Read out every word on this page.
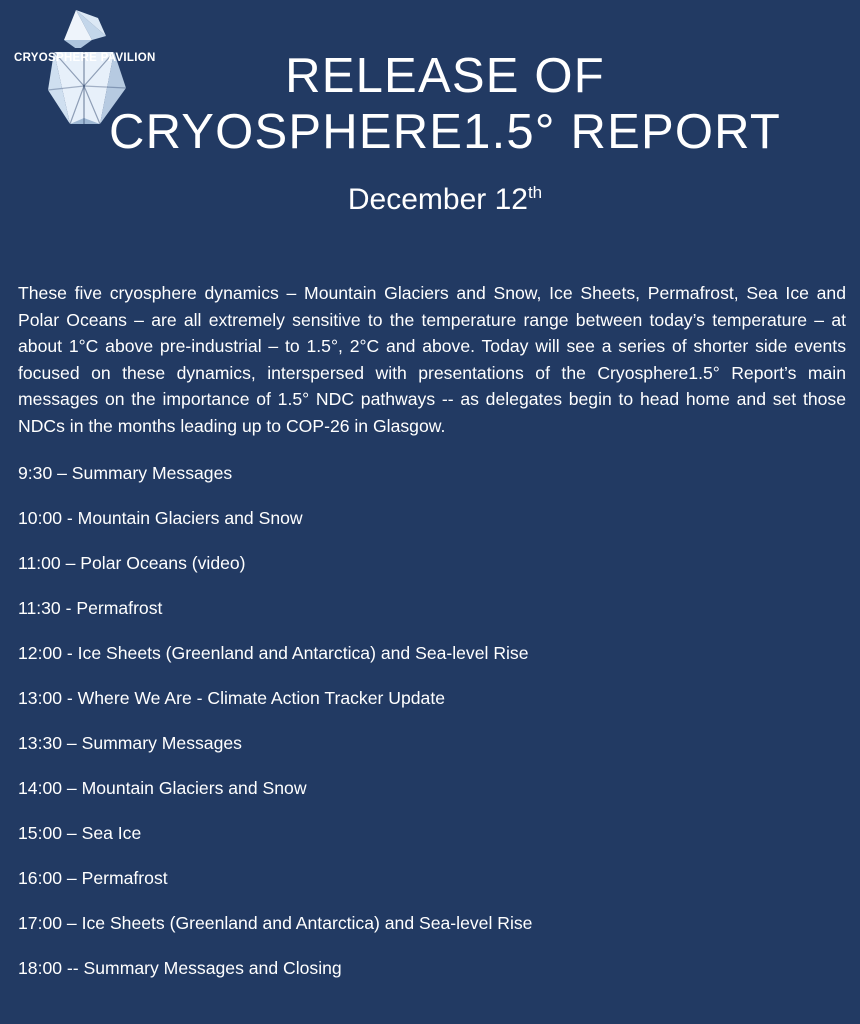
CRYOSPHERE PAVILION	RELEASE OF
CRYOSPHERE1.5° REPORT
December 12th
These five cryosphere dynamics – Mountain Glaciers and Snow, Ice Sheets, Permafrost, Sea Ice and Polar Oceans – are all extremely sensitive to the temperature range between today’s temperature – at about 1°C above pre-industrial – to 1.5°, 2°C and above. Today will see a series of shorter side events focused on these dynamics, interspersed with presentations of the Cryosphere1.5° Report’s main messages on the importance of 1.5° NDC pathways -- as delegates begin to head home and set those NDCs in the months leading up to COP-26 in Glasgow.
9:30 – Summary Messages
10:00 - Mountain Glaciers and Snow
11:00 – Polar Oceans (video)
11:30 - Permafrost
12:00 - Ice Sheets (Greenland and Antarctica) and Sea-level Rise
13:00 - Where We Are - Climate Action Tracker Update
13:30 – Summary Messages
14:00 – Mountain Glaciers and Snow
15:00 – Sea Ice
16:00 – Permafrost
17:00 – Ice Sheets (Greenland and Antarctica) and Sea-level Rise
18:00 -- Summary Messages and Closing
